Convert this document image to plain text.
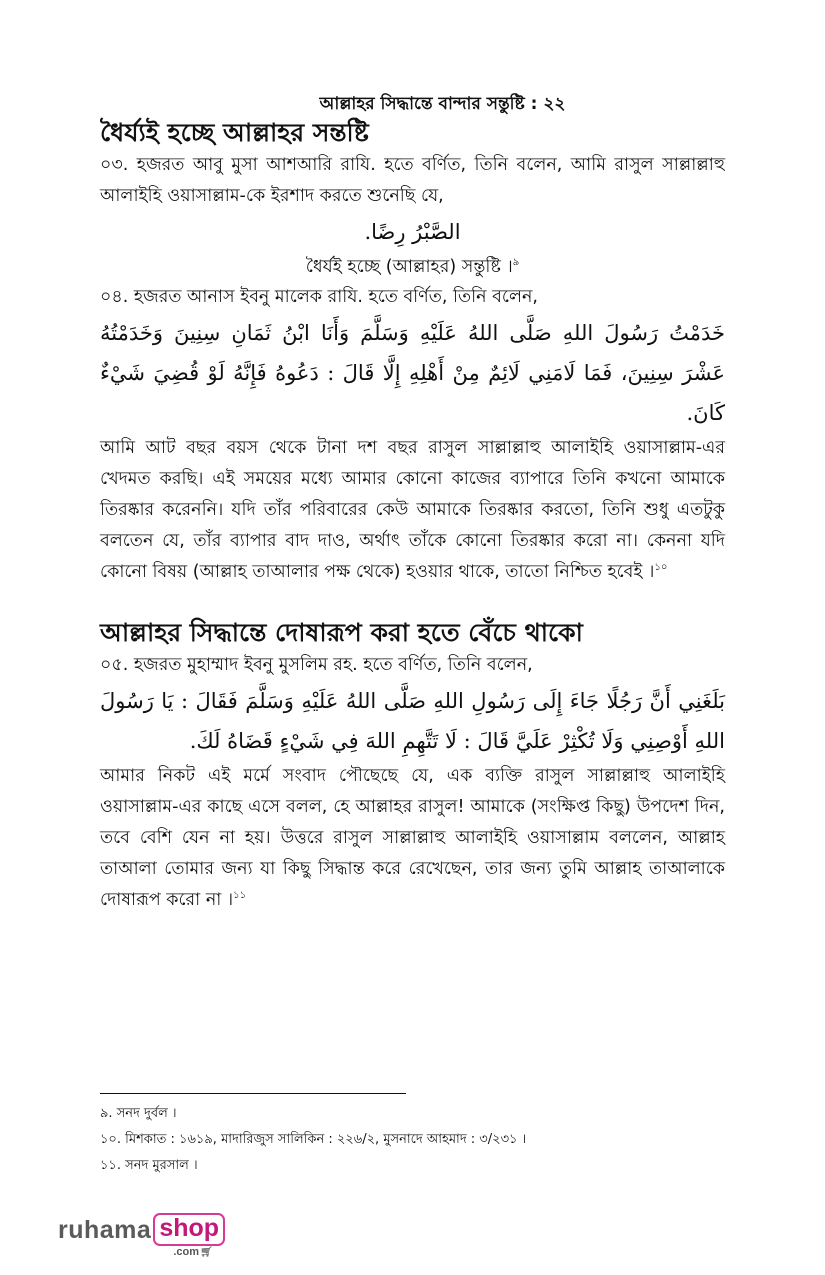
আল্লাহর সিদ্ধান্তে বান্দার সন্তুষ্টি : ২২
ধৈর্য্যই হচ্ছে আল্লাহর সন্তষ্টি

০৩. হজরত আবু মুসা আশআরি রাযি. হতে বর্ণিত, তিনি বলেন, আমি রাসুল সাল্লাল্লাহু আলাইহি ওয়াসাল্লাম-কে ইরশাদ করতে শুনেছি যে,

الصَّبْرُ رِضًا.

ধৈর্যই হচ্ছে (আল্লাহর) সন্তুষ্টি ।$^৯$

০৪. হজরত আনাস ইবনু মালেক রাযি. হতে বর্ণিত, তিনি বলেন,

خَدَمْتُ رَسُولَ اللهِ صَلَّى اللهُ عَلَيْهِ وَسَلَّمَ وَأَنَا ابْنُ ثَمَانِ سِنِينَ وَخَدَمْتُهُ عَشْرَ سِنِينَ، فَمَا لَامَنِي لَائِمٌ مِنْ أَهْلِهِ إِلَّا قَالَ : دَعُوهُ فَإِنَّهُ لَوْ قُضِيَ شَيْءٌ كَانَ.

আমি আট বছর বয়স থেকে টানা দশ বছর রাসুল সাল্লাল্লাহু আলাইহি ওয়াসাল্লাম-এর খেদমত করছি। এই সময়ের মধ্যে আমার কোনো কাজের ব্যাপারে তিনি কখনো আমাকে তিরষ্কার করেননি। যদি তাঁর পরিবারের কেউ আমাকে তিরষ্কার করতো, তিনি শুধু এতটুকু বলতেন যে, তাঁর ব্যাপার বাদ দাও, অর্থাৎ তাঁকে কোনো তিরষ্কার করো না। কেননা যদি কোনো বিষয় (আল্লাহ তাআলার পক্ষ থেকে) হওয়ার থাকে, তাতো নিশ্চিত হবেই ।$^{১০}$

আল্লাহর সিদ্ধান্তে দোষারূপ করা হতে বেঁচে থাকো

০৫. হজরত মুহাম্মাদ ইবনু মুসলিম রহ. হতে বর্ণিত, তিনি বলেন,

بَلَغَنِي أَنَّ رَجُلًا جَاءَ إِلَى رَسُولِ اللهِ صَلَّى اللهُ عَلَيْهِ وَسَلَّمَ فَقَالَ : يَا رَسُولَ اللهِ أَوْصِنِي وَلَا تُكْثِرْ عَلَيَّ قَالَ : لَا تَتَّهِمِ اللهَ فِي شَيْءٍ قَضَاهُ لَكَ.

আমার নিকট এই মর্মে সংবাদ পৌছেছে যে, এক ব্যক্তি রাসুল সাল্লাল্লাহু আলাইহি ওয়াসাল্লাম-এর কাছে এসে বলল, হে আল্লাহর রাসুল! আমাকে (সংক্ষিপ্ত কিছু) উপদেশ দিন, তবে বেশি যেন না হয়। উত্তরে রাসুল সাল্লাল্লাহু আলাইহি ওয়াসাল্লাম বললেন, আল্লাহ তাআলা তোমার জন্য যা কিছু সিদ্ধান্ত করে রেখেছেন, তার জন্য তুমি আল্লাহ তাআলাকে দোষারূপ করো না ।$^{১১}$

৯. সনদ দুর্বল ।

১০. মিশকাত : ১৬১৯, মাদারিজুস সালিকিন : ২২৬/২, মুসনাদে আহমাদ : ৩/২৩১ ।

১১. সনদ মুরসাল ।

ruhama shop
.com🛒︎
